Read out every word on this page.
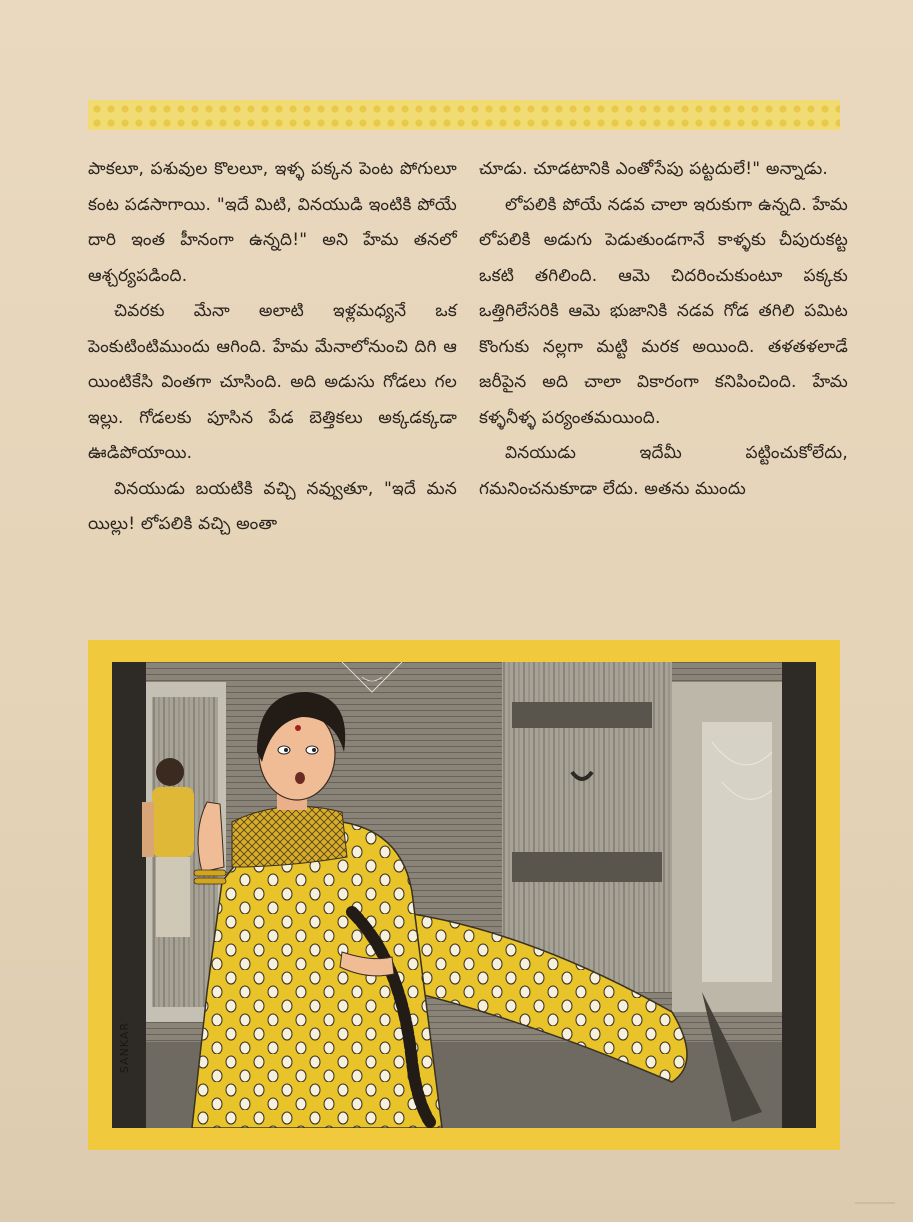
పాకలూ, పశువుల కొలలూ, ఇళ్ళ పక్కన పెంట పోగులూ కంట పడసాగాయి. "ఇదే మిటి, వినయుడి ఇంటికి పోయే దారి ఇంత హీనంగా ఉన్నది!" అని హేమ తనలో ఆశ్చర్యపడింది.

చివరకు మేనా అలాటి ఇళ్లమధ్యనే ఒక పెంకుటింటిముందు ఆగింది. హేమ మేనాలోనుంచి దిగి ఆ యింటికేసి వింతగా చూసింది. అది అడుసు గోడలు గల ఇల్లు. గోడలకు పూసిన పేడ బెత్తికలు అక్కడక్కడా ఊడిపోయాయి.

వినయుడు బయటికి వచ్చి నవ్వుతూ, "ఇదే మన యిల్లు! లోపలికి వచ్చి అంతా

చూడు. చూడటానికి ఎంతోసేపు పట్టదులే!" అన్నాడు.

లోపలికి పోయే నడవ చాలా ఇరుకుగా ఉన్నది. హేమ లోపలికి అడుగు పెడుతుండగానే కాళ్ళకు చీపురుకట్ట ఒకటి తగిలింది. ఆమె చిదరించుకుంటూ పక్కకు ఒత్తిగిలేసరికి ఆమె భుజానికి నడవ గోడ తగిలి పమిట కొంగుకు నల్లగా మట్టి మరక అయింది. తళతళలాడే జరీపైన అది చాలా వికారంగా కనిపించింది. హేమ కళ్ళనీళ్ళ పర్యంతమయింది.

వినయుడు ఇదేమీ పట్టించుకోలేదు, గమనించనుకూడా లేదు. అతను ముందు

SANKAR
